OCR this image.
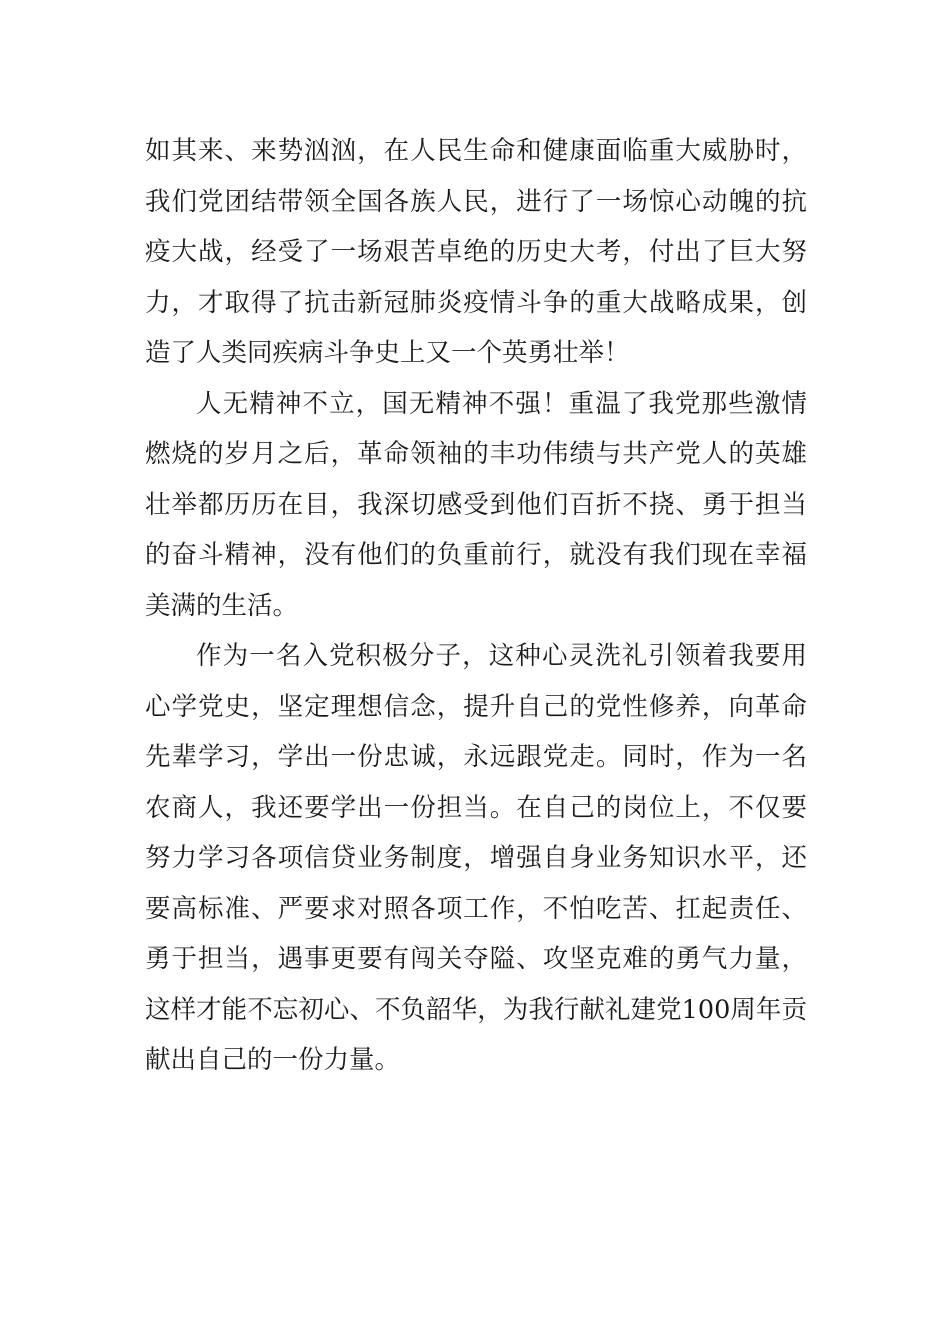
如其来、来势汹汹，在人民生命和健康面临重大威胁时，我们党团结带领全国各族人民，进行了一场惊心动魄的抗疫大战，经受了一场艰苦卓绝的历史大考，付出了巨大努力，才取得了抗击新冠肺炎疫情斗争的重大战略成果，创造了人类同疾病斗争史上又一个英勇壮举！

人无精神不立，国无精神不强！重温了我党那些激情燃烧的岁月之后，革命领袖的丰功伟绩与共产党人的英雄壮举都历历在目，我深切感受到他们百折不挠、勇于担当的奋斗精神，没有他们的负重前行，就没有我们现在幸福美满的生活。

作为一名入党积极分子，这种心灵洗礼引领着我要用心学党史，坚定理想信念，提升自己的党性修养，向革命先辈学习，学出一份忠诚，永远跟党走。同时，作为一名农商人，我还要学出一份担当。在自己的岗位上，不仅要努力学习各项信贷业务制度，增强自身业务知识水平，还要高标准、严要求对照各项工作，不怕吃苦、扛起责任、勇于担当，遇事更要有闯关夺隘、攻坚克难的勇气力量，这样才能不忘初心、不负韶华，为我行献礼建党100周年贡献出自己的一份力量。
